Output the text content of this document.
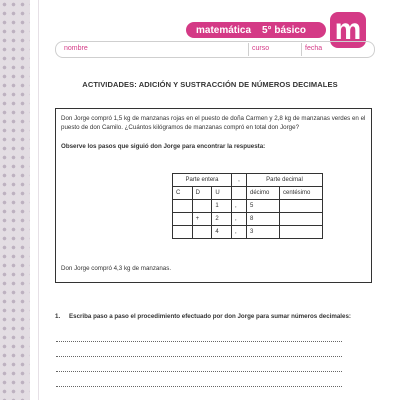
matemática	5° básico m
nombre	curso	fecha
ACTIVIDADES: ADICIÓN Y SUSTRACCIÓN DE NÚMEROS DECIMALES
Don Jorge compró 1,5 kg de manzanas rojas en el puesto de doña Carmen y 2,8 kg de manzanas verdes en el puesto de don Camilo. ¿Cuántos kilógramos de manzanas compró en total don Jorge?
Observe los pasos que siguió don Jorge para encontrar la respuesta:
Parte entera			,	Parte decimal	
C	D	U		décimo	centésimo
		1	,	5	
	+	2	,	8	
		4	,	3	
Don Jorge compró 4,3 kg de manzanas.
1.	Escriba paso a paso el procedimiento efectuado por don Jorge para sumar números decimales:
